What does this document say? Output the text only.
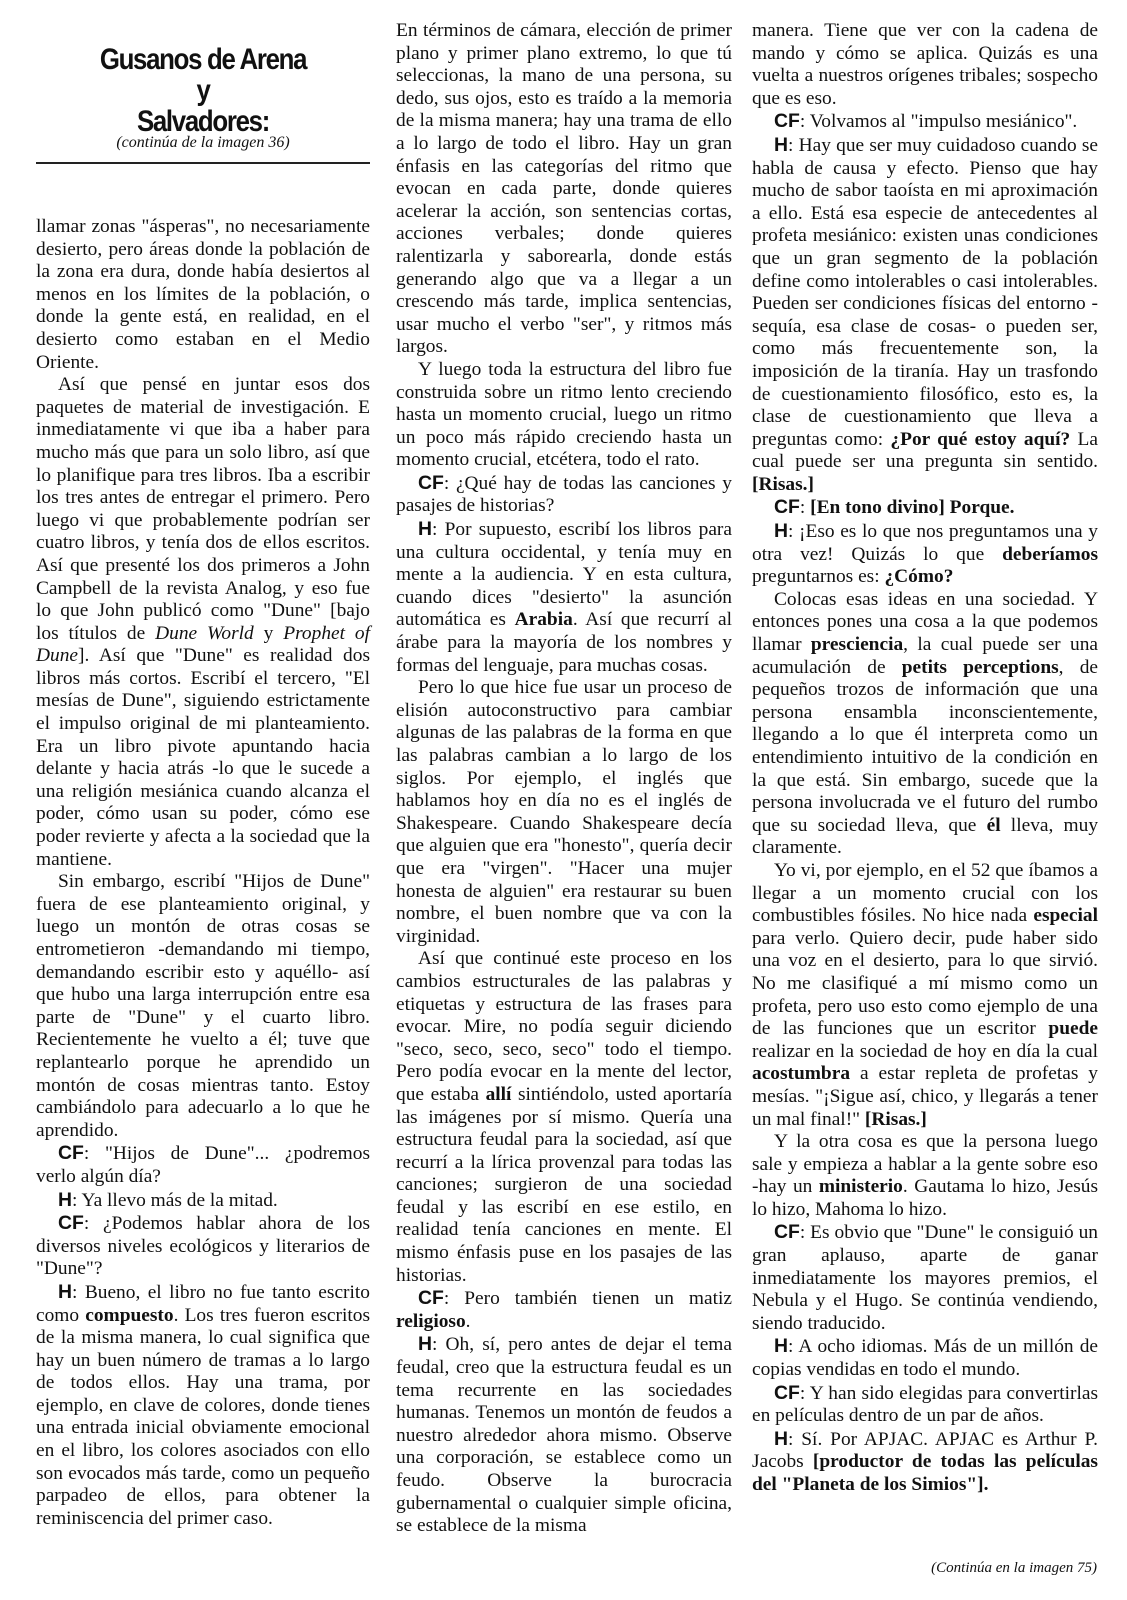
Gusanos de Arena
y
Salvadores:
(continúa de la imagen 36)

llamar zonas "ásperas", no necesariamente desierto, pero áreas donde la población de la zona era dura, donde había desiertos al menos en los límites de la población, o donde la gente está, en realidad, en el desierto como estaban en el Medio Oriente.

Así que pensé en juntar esos dos paquetes de material de investigación. E inmediatamente vi que iba a haber para mucho más que para un solo libro, así que lo planifique para tres libros. Iba a escribir los tres antes de entregar el primero. Pero luego vi que probablemente podrían ser cuatro libros, y tenía dos de ellos escritos. Así que presenté los dos primeros a John Campbell de la revista Analog, y eso fue lo que John publicó como "Dune" [bajo los títulos de Dune World y Prophet of Dune]. Así que "Dune" es realidad dos libros más cortos. Escribí el tercero, "El mesías de Dune", siguiendo estrictamente el impulso original de mi planteamiento. Era un libro pivote apuntando hacia delante y hacia atrás -lo que le sucede a una religión mesiánica cuando alcanza el poder, cómo usan su poder, cómo ese poder revierte y afecta a la sociedad que la mantiene.

Sin embargo, escribí "Hijos de Dune" fuera de ese planteamiento original, y luego un montón de otras cosas se entrometieron -demandando mi tiempo, demandando escribir esto y aquéllo- así que hubo una larga interrupción entre esa parte de "Dune" y el cuarto libro. Recientemente he vuelto a él; tuve que replantearlo porque he aprendido un montón de cosas mientras tanto. Estoy cambiándolo para adecuarlo a lo que he aprendido.

CF: "Hijos de Dune"... ¿podremos verlo algún día?

H: Ya llevo más de la mitad.

CF: ¿Podemos hablar ahora de los diversos niveles ecológicos y literarios de "Dune"?

H: Bueno, el libro no fue tanto escrito como compuesto. Los tres fueron escritos de la misma manera, lo cual significa que hay un buen número de tramas a lo largo de todos ellos. Hay una trama, por ejemplo, en clave de colores, donde tienes una entrada inicial obviamente emocional en el libro, los colores asociados con ello son evocados más tarde, como un pequeño parpadeo de ellos, para obtener la reminiscencia del primer caso.

En términos de cámara, elección de primer plano y primer plano extremo, lo que tú seleccionas, la mano de una persona, su dedo, sus ojos, esto es traído a la memoria de la misma manera; hay una trama de ello a lo largo de todo el libro. Hay un gran énfasis en las categorías del ritmo que evocan en cada parte, donde quieres acelerar la acción, son sentencias cortas, acciones verbales; donde quieres ralentizarla y saborearla, donde estás generando algo que va a llegar a un crescendo más tarde, implica sentencias, usar mucho el verbo "ser", y ritmos más largos.

Y luego toda la estructura del libro fue construida sobre un ritmo lento creciendo hasta un momento crucial, luego un ritmo un poco más rápido creciendo hasta un momento crucial, etcétera, todo el rato.

CF: ¿Qué hay de todas las canciones y pasajes de historias?

H: Por supuesto, escribí los libros para una cultura occidental, y tenía muy en mente a la audiencia. Y en esta cultura, cuando dices "desierto" la asunción automática es Arabia. Así que recurrí al árabe para la mayoría de los nombres y formas del lenguaje, para muchas cosas.

Pero lo que hice fue usar un proceso de elisión autoconstructivo para cambiar algunas de las palabras de la forma en que las palabras cambian a lo largo de los siglos. Por ejemplo, el inglés que hablamos hoy en día no es el inglés de Shakespeare. Cuando Shakespeare decía que alguien que era "honesto", quería decir que era "virgen". "Hacer una mujer honesta de alguien" era restaurar su buen nombre, el buen nombre que va con la virginidad.

Así que continué este proceso en los cambios estructurales de las palabras y etiquetas y estructura de las frases para evocar. Mire, no podía seguir diciendo "seco, seco, seco, seco" todo el tiempo. Pero podía evocar en la mente del lector, que estaba allí sintiéndolo, usted aportaría las imágenes por sí mismo. Quería una estructura feudal para la sociedad, así que recurrí a la lírica provenzal para todas las canciones; surgieron de una sociedad feudal y las escribí en ese estilo, en realidad tenía canciones en mente. El mismo énfasis puse en los pasajes de las historias.

CF: Pero también tienen un matiz religioso.

H: Oh, sí, pero antes de dejar el tema feudal, creo que la estructura feudal es un tema recurrente en las sociedades humanas. Tenemos un montón de feudos a nuestro alrededor ahora mismo. Observe una corporación, se establece como un feudo. Observe la burocracia gubernamental o cualquier simple oficina, se establece de la misma

manera. Tiene que ver con la cadena de mando y cómo se aplica. Quizás es una vuelta a nuestros orígenes tribales; sospecho que es eso.

CF: Volvamos al "impulso mesiánico".

H: Hay que ser muy cuidadoso cuando se habla de causa y efecto. Pienso que hay mucho de sabor taoísta en mi aproximación a ello. Está esa especie de antecedentes al profeta mesiánico: existen unas condiciones que un gran segmento de la población define como intolerables o casi intolerables. Pueden ser condiciones físicas del entorno -sequía, esa clase de cosas- o pueden ser, como más frecuentemente son, la imposición de la tiranía. Hay un trasfondo de cuestionamiento filosófico, esto es, la clase de cuestionamiento que lleva a preguntas como: ¿Por qué estoy aquí? La cual puede ser una pregunta sin sentido. [Risas.]

CF: [En tono divino] Porque.

H: ¡Eso es lo que nos preguntamos una y otra vez! Quizás lo que deberíamos preguntarnos es: ¿Cómo?

Colocas esas ideas en una sociedad. Y entonces pones una cosa a la que podemos llamar presciencia, la cual puede ser una acumulación de petits perceptions, de pequeños trozos de información que una persona ensambla inconscientemente, llegando a lo que él interpreta como un entendimiento intuitivo de la condición en la que está. Sin embargo, sucede que la persona involucrada ve el futuro del rumbo que su sociedad lleva, que él lleva, muy claramente.

Yo vi, por ejemplo, en el 52 que íbamos a llegar a un momento crucial con los combustibles fósiles. No hice nada especial para verlo. Quiero decir, pude haber sido una voz en el desierto, para lo que sirvió. No me clasifiqué a mí mismo como un profeta, pero uso esto como ejemplo de una de las funciones que un escritor puede realizar en la sociedad de hoy en día la cual acostumbra a estar repleta de profetas y mesías. "¡Sigue así, chico, y llegarás a tener un mal final!" [Risas.]

Y la otra cosa es que la persona luego sale y empieza a hablar a la gente sobre eso -hay un ministerio. Gautama lo hizo, Jesús lo hizo, Mahoma lo hizo.

CF: Es obvio que "Dune" le consiguió un gran aplauso, aparte de ganar inmediatamente los mayores premios, el Nebula y el Hugo. Se continúa vendiendo, siendo traducido.

H: A ocho idiomas. Más de un millón de copias vendidas en todo el mundo.

CF: Y han sido elegidas para convertirlas en películas dentro de un par de años.

H: Sí. Por APJAC. APJAC es Arthur P. Jacobs [productor de todas las películas del "Planeta de los Simios"].

(Continúa en la imagen 75)
